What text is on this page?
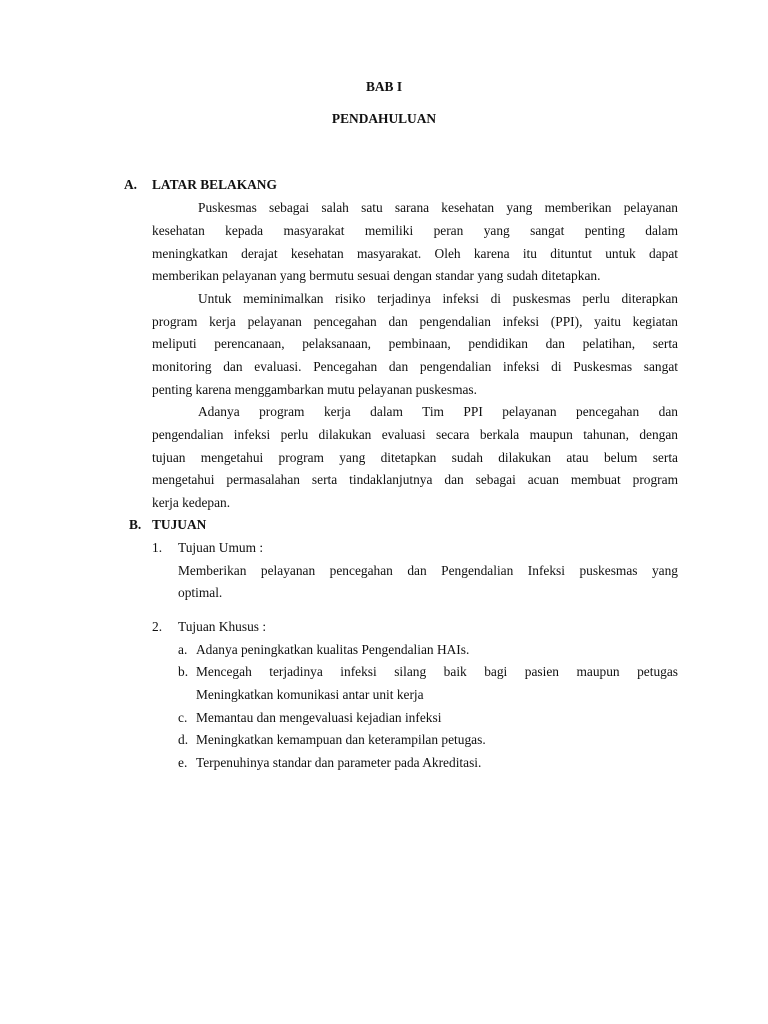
BAB I
PENDAHULUAN
A. LATAR BELAKANG
Puskesmas sebagai salah satu sarana kesehatan yang memberikan pelayanan
kesehatan kepada masyarakat memiliki peran yang sangat penting dalam
meningkatkan derajat kesehatan masyarakat. Oleh karena itu dituntut untuk dapat
memberikan pelayanan yang bermutu sesuai dengan standar yang sudah ditetapkan.
Untuk meminimalkan risiko terjadinya infeksi di puskesmas perlu diterapkan
program kerja pelayanan pencegahan dan pengendalian infeksi (PPI), yaitu kegiatan
meliputi perencanaan, pelaksanaan, pembinaan, pendidikan dan pelatihan, serta
monitoring dan evaluasi. Pencegahan dan pengendalian infeksi di Puskesmas sangat
penting karena menggambarkan mutu pelayanan puskesmas.
Adanya program kerja dalam Tim PPI pelayanan pencegahan dan
pengendalian infeksi perlu dilakukan evaluasi secara berkala maupun tahunan, dengan
tujuan mengetahui program yang ditetapkan sudah dilakukan atau belum serta
mengetahui permasalahan serta tindaklanjutnya dan sebagai acuan membuat program
kerja kedepan.
B. TUJUAN
1. Tujuan Umum :
Memberikan pelayanan pencegahan dan Pengendalian Infeksi puskesmas yang
optimal.
2. Tujuan Khusus :
a. Adanya peningkatkan kualitas Pengendalian HAIs.
b. Mencegah terjadinya infeksi silang baik bagi pasien maupun petugas
Meningkatkan komunikasi antar unit kerja
c. Memantau dan mengevaluasi kejadian infeksi
d. Meningkatkan kemampuan dan keterampilan petugas.
e. Terpenuhinya standar dan parameter pada Akreditasi.
